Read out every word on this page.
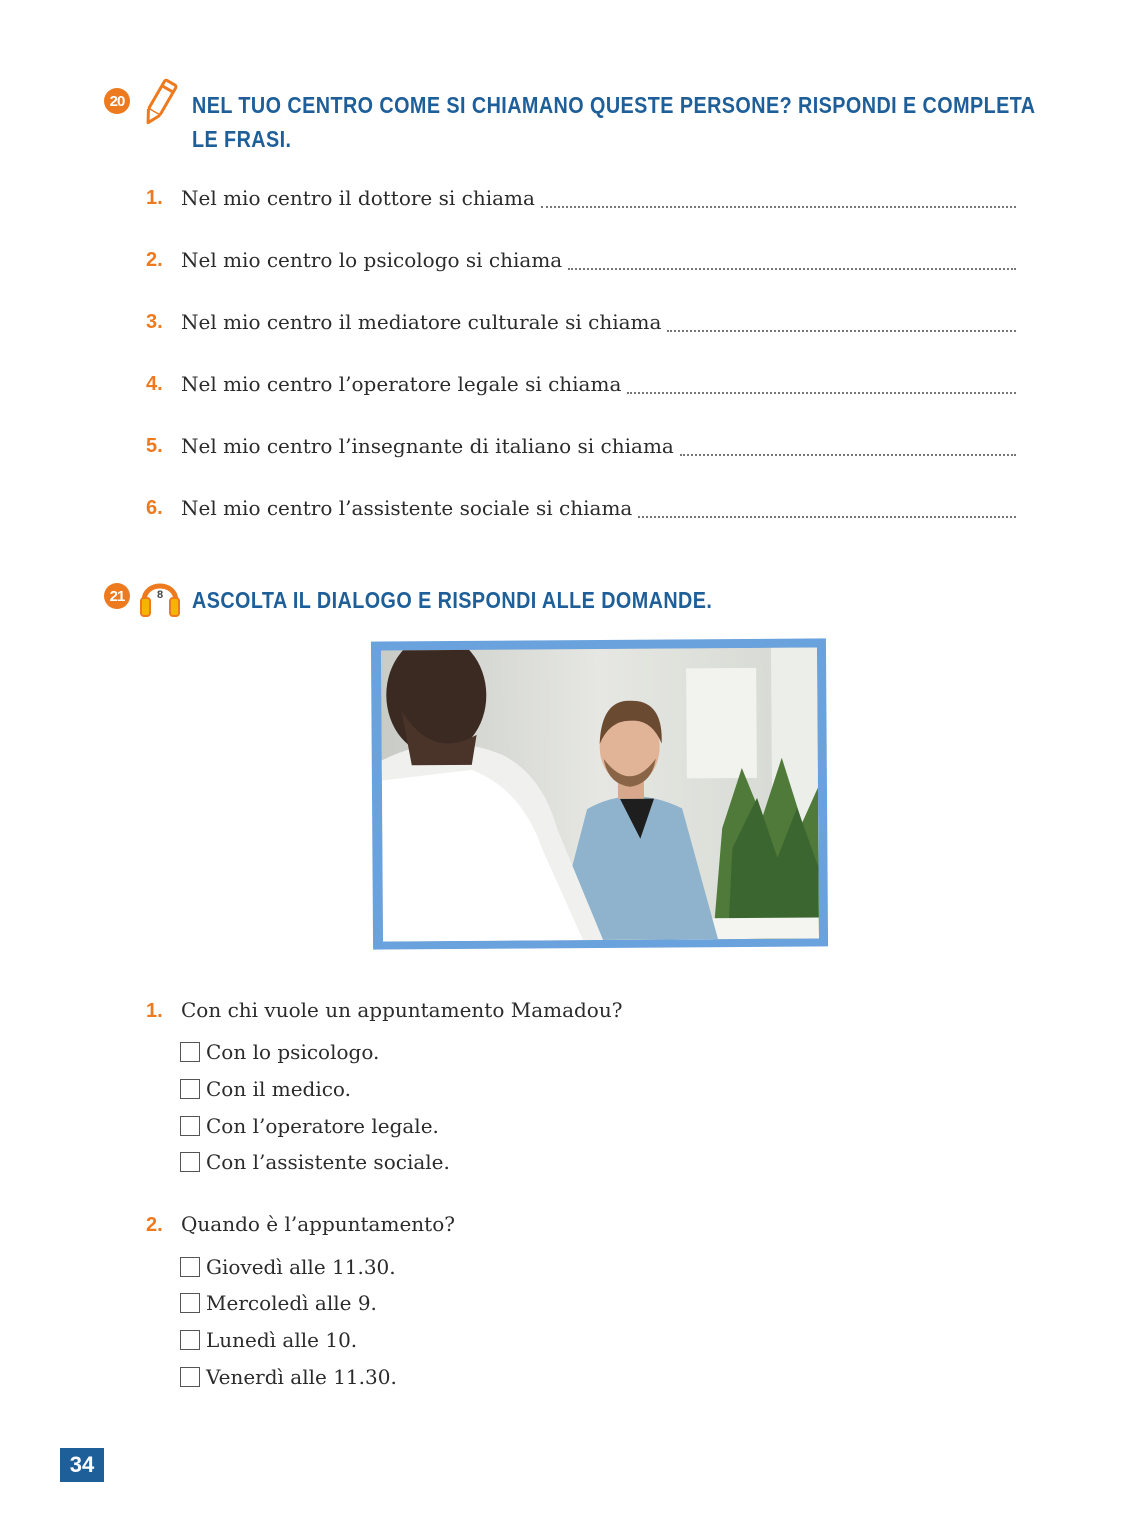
20	NEL TUO CENTRO COME SI CHIAMANO QUESTE PERSONE? RISPONDI E COMPLETA
LE FRASI.
1. Nel mio centro il dottore si chiama
2. Nel mio centro lo psicologo si chiama
3. Nel mio centro il mediatore culturale si chiama
4. Nel mio centro l’operatore legale si chiama
5. Nel mio centro l’insegnante di italiano si chiama
6. Nel mio centro l’assistente sociale si chiama
21	8 ASCOLTA IL DIALOGO E RISPONDI ALLE DOMANDE.
1. Con chi vuole un appuntamento Mamadou?
Con lo psicologo.
Con il medico.
Con l’operatore legale.
Con l’assistente sociale.
2. Quando è l’appuntamento?
Giovedì alle 11.30.
Mercoledì alle 9.
Lunedì alle 10.
Venerdì alle 11.30.
34
